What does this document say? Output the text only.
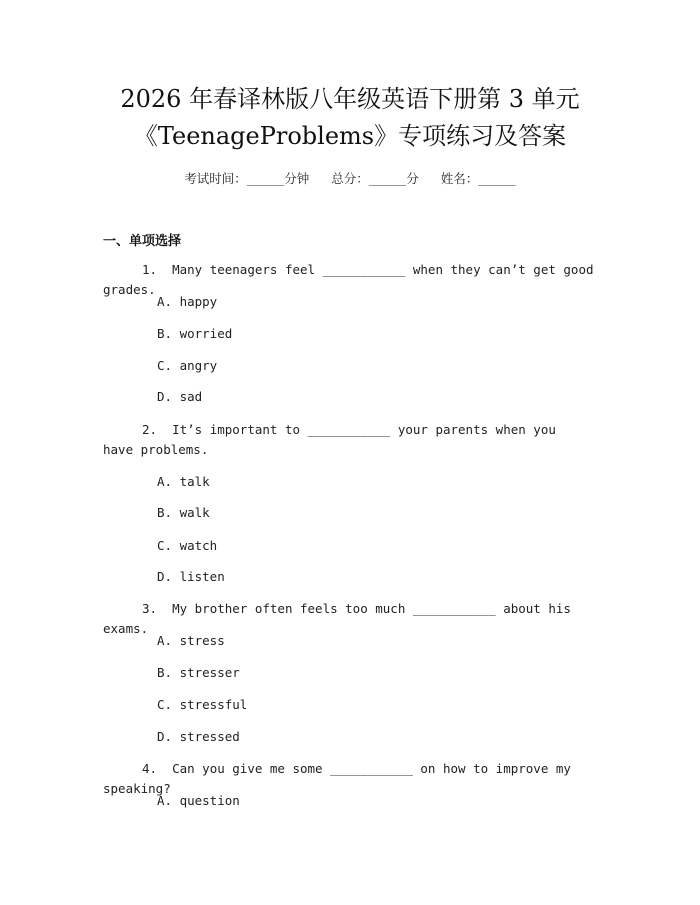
2026 年春译林版八年级英语下册第 3 单元
《TeenageProblems》专项练习及答案
考试时间：______分钟 总分：______分 姓名：______
一、单项选择
1. Many teenagers feel ___________ when they can’t get good grades.
A. happy
B. worried
C. angry
D. sad
2. It’s important to ___________ your parents when you have problems.
A. talk
B. walk
C. watch
D. listen
3. My brother often feels too much ___________ about his exams.
A. stress
B. stresser
C. stressful
D. stressed
4. Can you give me some ___________ on how to improve my speaking?
A. question
